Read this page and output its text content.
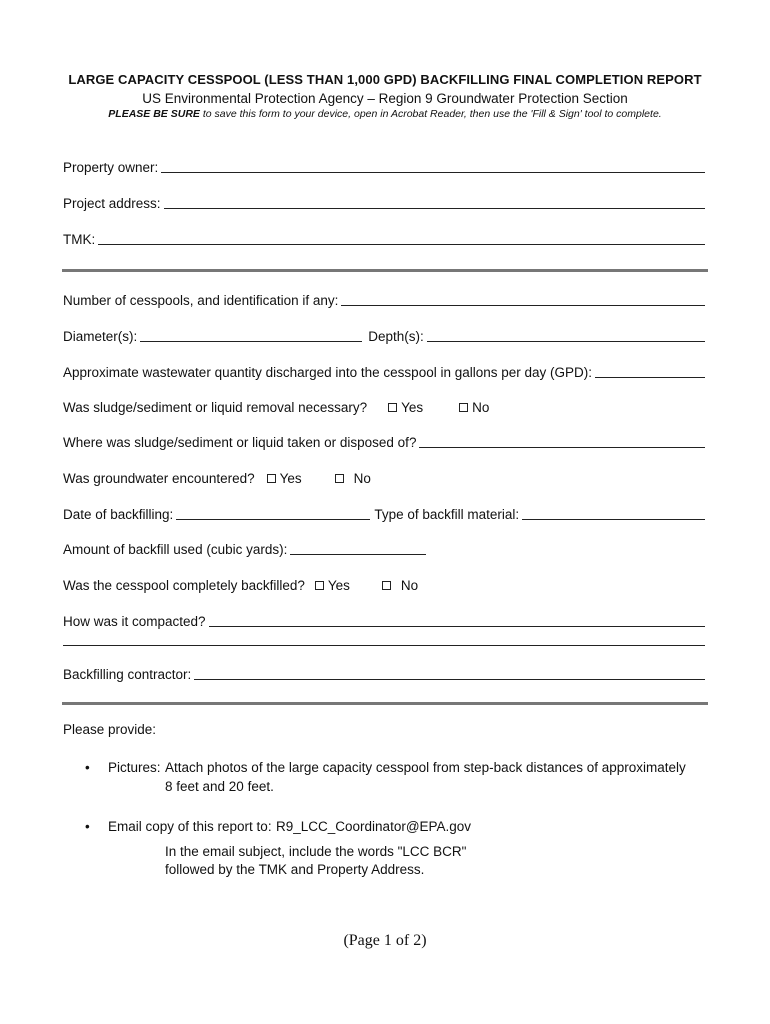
LARGE CAPACITY CESSPOOL (LESS THAN 1,000 GPD) BACKFILLING FINAL COMPLETION REPORT
US Environmental Protection Agency – Region 9 Groundwater Protection Section
PLEASE BE SURE to save this form to your device, open in Acrobat Reader, then use the 'Fill & Sign' tool to complete.
Property owner:
Project address:
TMK:
Number of cesspools, and identification if any:
Diameter(s):	Depth(s):
Approximate wastewater quantity discharged into the cesspool in gallons per day (GPD):
Was sludge/sediment or liquid removal necessary?	Yes	No
Where was sludge/sediment or liquid taken or disposed of?
Was groundwater encountered? Yes	No
Date of backfilling:	Type of backfill material:
Amount of backfill used (cubic yards):
Was the cesspool completely backfilled? Yes	No
How was it compacted?
Backfilling contractor:
Please provide:
• Pictures: Attach photos of the large capacity cesspool from step-back distances of approximately
8 feet and 20 feet.
• Email copy of this report to: R9_LCC_Coordinator@EPA.gov
In the email subject, include the words "LCC BCR"
followed by the TMK and Property Address.
(Page 1 of 2)
